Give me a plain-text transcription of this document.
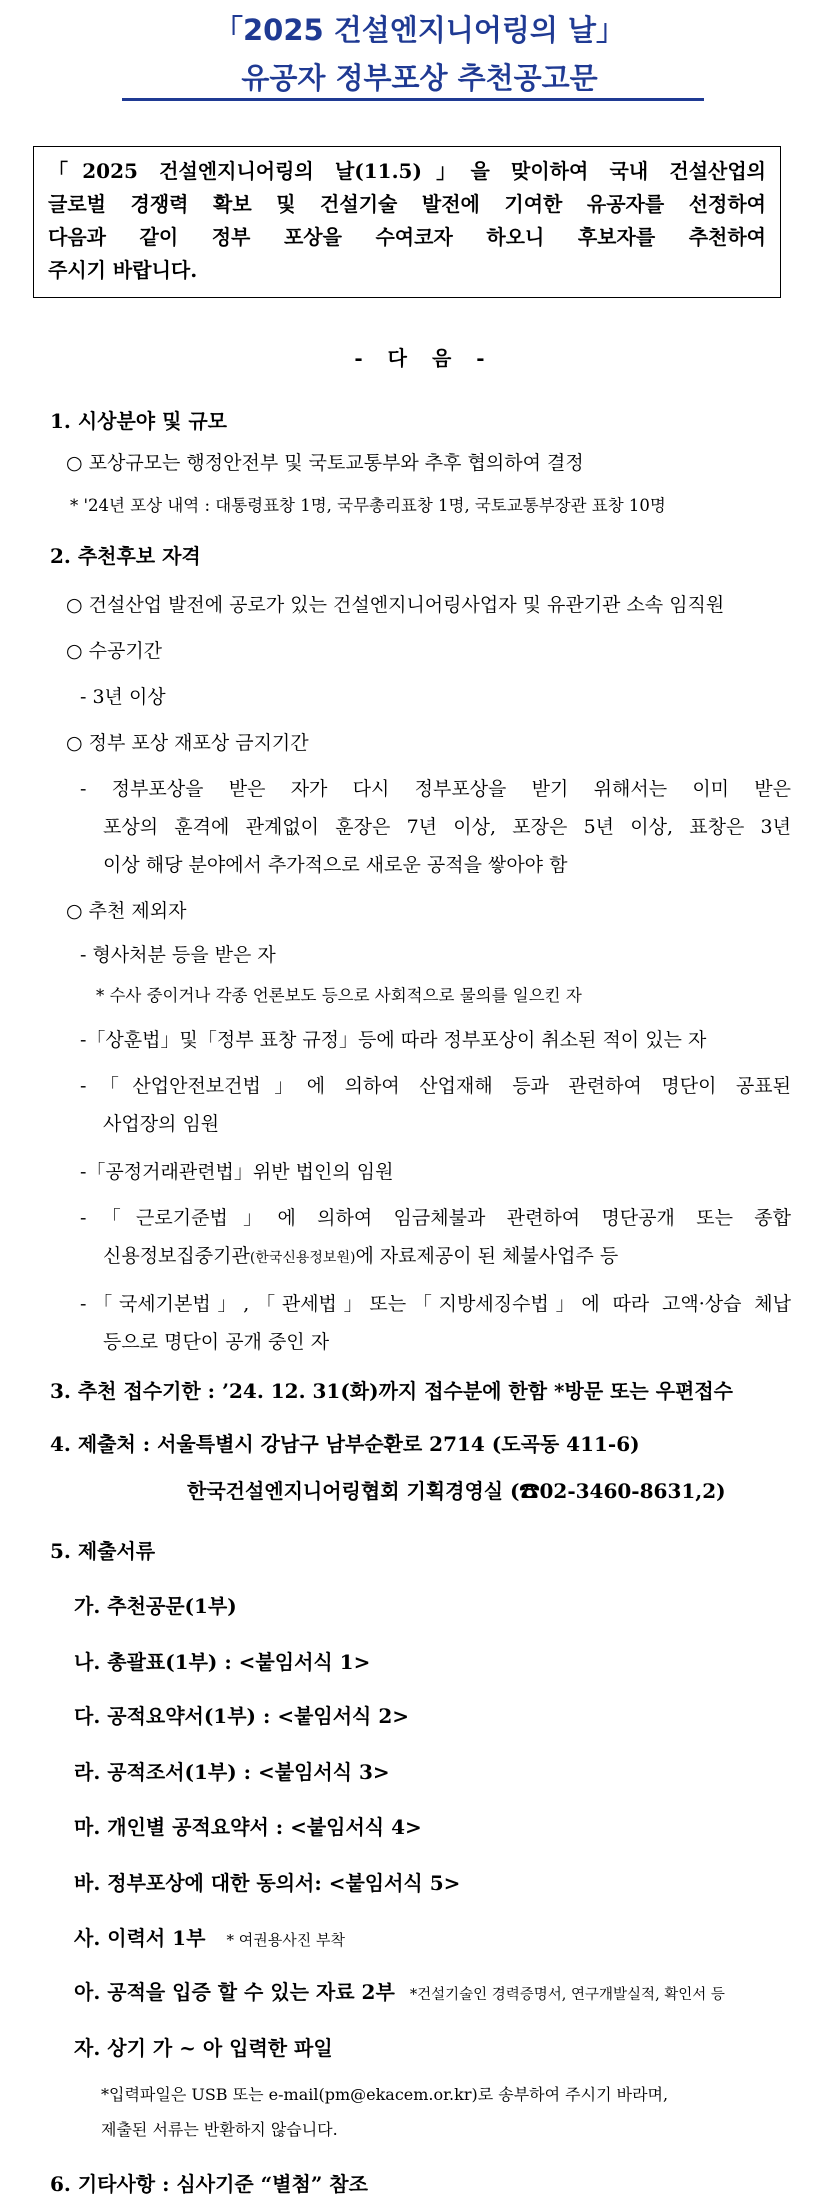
「2025 건설엔지니어링의 날」
유공자 정부포상 추천공고문
「2025 건설엔지니어링의 날(11.5)」을 맞이하여 국내 건설산업의
글로벌 경쟁력 확보 및 건설기술 발전에 기여한 유공자를 선정하여
다음과 같이 정부 포상을 수여코자 하오니 후보자를 추천하여
주시기 바랍니다.
- 다 음 -
1. 시상분야 및 규모
○ 포상규모는 행정안전부 및 국토교통부와 추후 협의하여 결정
* '24년 포상 내역 : 대통령표창 1명, 국무총리표창 1명, 국토교통부장관 표창 10명
2. 추천후보 자격
○ 건설산업 발전에 공로가 있는 건설엔지니어링사업자 및 유관기관 소속 임직원
○ 수공기간
- 3년 이상
○ 정부 포상 재포상 금지기간
- 정부포상을 받은 자가 다시 정부포상을 받기 위해서는 이미 받은
포상의 훈격에 관계없이 훈장은 7년 이상, 포장은 5년 이상, 표창은 3년
이상 해당 분야에서 추가적으로 새로운 공적을 쌓아야 함
○ 추천 제외자
- 형사처분 등을 받은 자
* 수사 중이거나 각종 언론보도 등으로 사회적으로 물의를 일으킨 자
-「상훈법」및「정부 표창 규정」등에 따라 정부포상이 취소된 적이 있는 자
-「산업안전보건법」에 의하여 산업재해 등과 관련하여 명단이 공표된
사업장의 임원
-「공정거래관련법」위반 법인의 임원
-「근로기준법」에 의하여 임금체불과 관련하여 명단공개 또는 종합
신용정보집중기관(한국신용정보원)에 자료제공이 된 체불사업주 등
-「국세기본법」,「관세법」또는「지방세징수법」에 따라 고액·상습 체납
등으로 명단이 공개 중인 자
3. 추천 접수기한 : ’24. 12. 31(화)까지 접수분에 한함 *방문 또는 우편접수
4. 제출처 : 서울특별시 강남구 남부순환로 2714 (도곡동 411-6)
한국건설엔지니어링협회 기획경영실 (☎02-3460-8631,2)
5. 제출서류
가. 추천공문(1부)
나. 총괄표(1부) : <붙임서식 1>
다. 공적요약서(1부) : <붙임서식 2>
라. 공적조서(1부) : <붙임서식 3>
마. 개인별 공적요약서 : <붙임서식 4>
바. 정부포상에 대한 동의서: <붙임서식 5>
사. 이력서 1부 * 여권용사진 부착
아. 공적을 입증 할 수 있는 자료 2부 *건설기술인 경력증명서, 연구개발실적, 확인서 등
자. 상기 가 ~ 아 입력한 파일
*입력파일은 USB 또는 e-mail(pm@ekacem.or.kr)로 송부하여 주시기 바라며,
제출된 서류는 반환하지 않습니다.
6. 기타사항 : 심사기준 “별첨” 참조
